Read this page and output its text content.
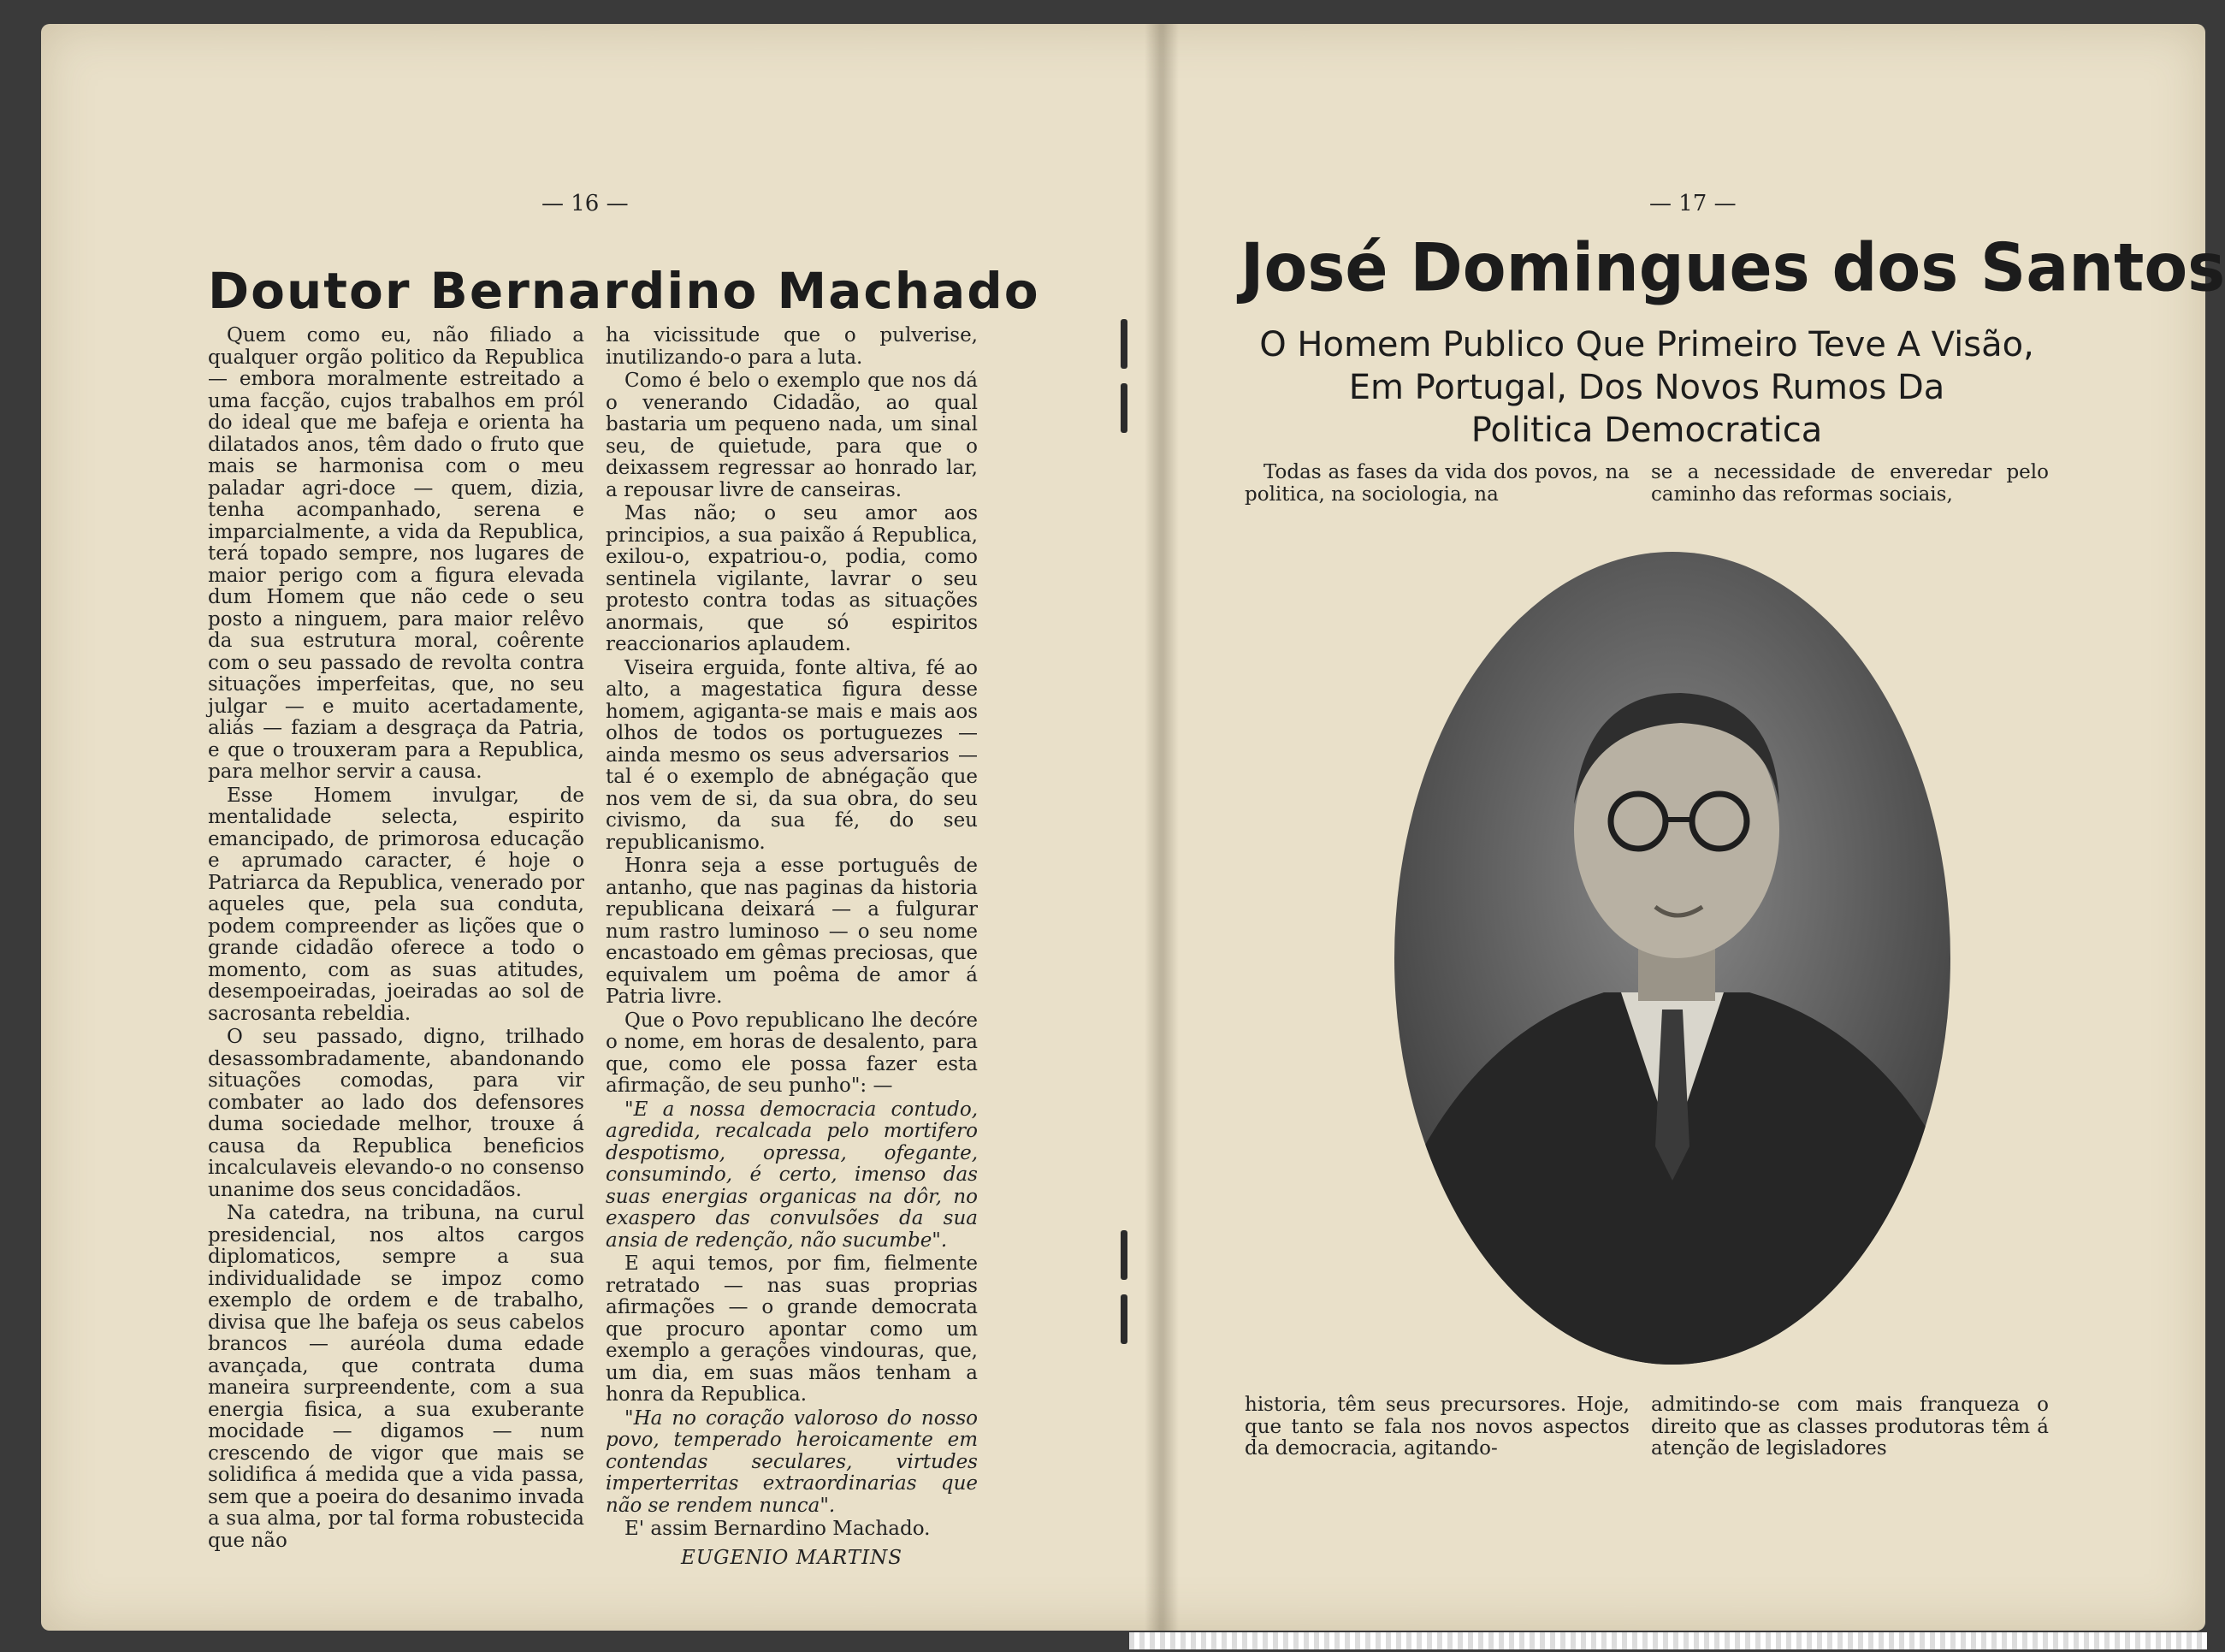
— 16 —
Doutor Bernardino Machado

Quem como eu, não filiado a qualquer orgão politico da Republica — embora moralmente estreitado a uma facção, cujos trabalhos em pról do ideal que me bafeja e orienta ha dilatados anos, têm dado o fruto que mais se harmonisa com o meu paladar agri-doce — quem, dizia, tenha acompanhado, serena e imparcialmente, a vida da Republica, terá topado sempre, nos lugares de maior perigo com a figura elevada dum Homem que não cede o seu posto a ninguem, para maior relêvo da sua estrutura moral, coêrente com o seu passado de revolta contra situações imperfeitas, que, no seu julgar — e muito acertadamente, aliás — faziam a desgraça da Patria, e que o trouxeram para a Republica, para melhor servir a causa.

Esse Homem invulgar, de mentalidade selecta, espirito emancipado, de primorosa educação e aprumado caracter, é hoje o Patriarca da Republica, venerado por aqueles que, pela sua conduta, podem compreender as lições que o grande cidadão oferece a todo o momento, com as suas atitudes, desempoeiradas, joeiradas ao sol de sacrosanta rebeldia.

O seu passado, digno, trilhado desassombradamente, abandonando situações comodas, para vir combater ao lado dos defensores duma sociedade melhor, trouxe á causa da Republica beneficios incalculaveis elevando-o no consenso unanime dos seus concidadãos.

Na catedra, na tribuna, na curul presidencial, nos altos cargos diplomaticos, sempre a sua individualidade se impoz como exemplo de ordem e de trabalho, divisa que lhe bafeja os seus cabelos brancos — auréola duma edade avançada, que contrata duma maneira surpreendente, com a sua energia fisica, a sua exuberante mocidade — digamos — num crescendo de vigor que mais se solidifica á medida que a vida passa, sem que a poeira do desanimo invada a sua alma, por tal forma robustecida que não

ha vicissitude que o pulverise, inutilizando-o para a luta.

Como é belo o exemplo que nos dá o venerando Cidadão, ao qual bastaria um pequeno nada, um sinal seu, de quietude, para que o deixassem regressar ao honrado lar, a repousar livre de canseiras.

Mas não; o seu amor aos principios, a sua paixão á Republica, exilou-o, expatriou-o, podia, como sentinela vigilante, lavrar o seu protesto contra todas as situações anormais, que só espiritos reaccionarios aplaudem.

Viseira erguida, fonte altiva, fé ao alto, a magestatica figura desse homem, agiganta-se mais e mais aos olhos de todos os portuguezes — ainda mesmo os seus adversarios — tal é o exemplo de abnégação que nos vem de si, da sua obra, do seu civismo, da sua fé, do seu republicanismo.

Honra seja a esse português de antanho, que nas paginas da historia republicana deixará — a fulgurar num rastro luminoso — o seu nome encastoado em gêmas preciosas, que equivalem um poêma de amor á Patria livre.

Que o Povo republicano lhe decóre o nome, em horas de desalento, para que, como ele possa fazer esta afirmação, de seu punho": —

"E a nossa democracia contudo, agredida, recalcada pelo mortifero despotismo, opressa, ofegante, consumindo, é certo, imenso das suas energias organicas na dôr, no exaspero das convulsões da sua ansia de redenção, não sucumbe".

E aqui temos, por fim, fielmente retratado — nas suas proprias afirmações — o grande democrata que procuro apontar como um exemplo a gerações vindouras, que, um dia, em suas mãos tenham a honra da Republica.

"Ha no coração valoroso do nosso povo, temperado heroicamente em contendas seculares, virtudes imperterritas extraordinarias que não se rendem nunca".

E' assim Bernardino Machado.

EUGENIO MARTINS

— 17 —
José Domingues dos Santos
O Homem Publico Que Primeiro Teve A Visão,
Em Portugal, Dos Novos Rumos Da
Politica Democratica

Todas as fases da vida dos povos, na politica, na sociologia, na

se a necessidade de enveredar pelo caminho das reformas sociais,

historia, têm seus precursores. Hoje, que tanto se fala nos novos aspectos da democracia, agitando-

admitindo-se com mais franqueza o direito que as classes produtoras têm á atenção de legisladores
